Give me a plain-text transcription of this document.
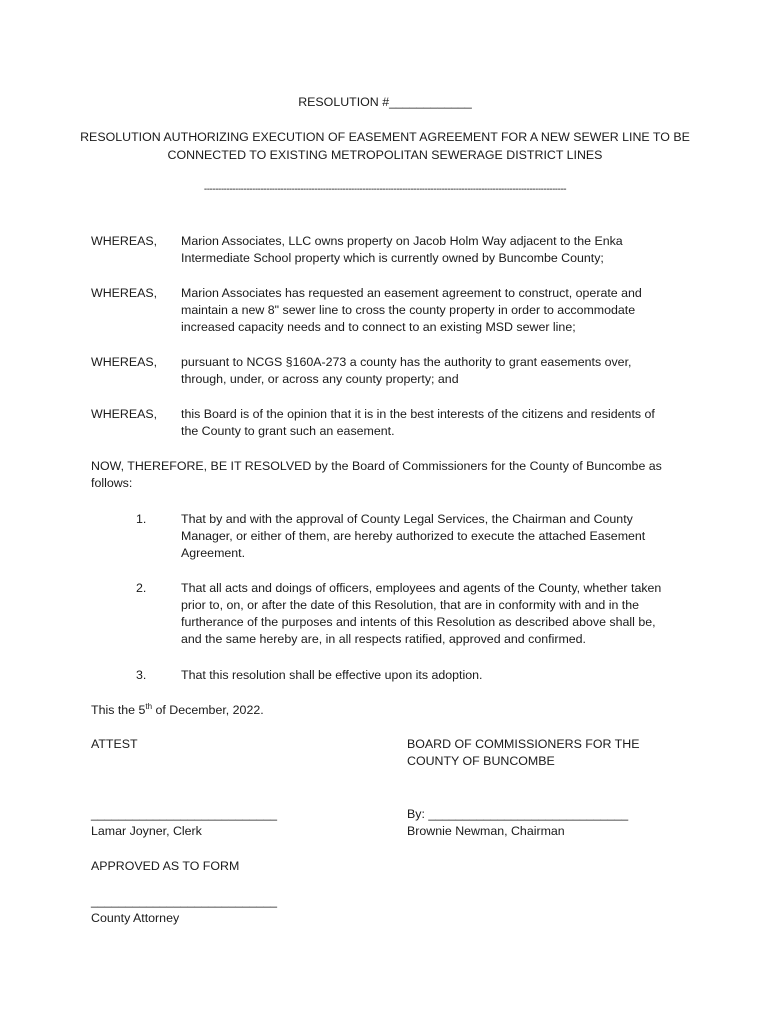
RESOLUTION #____________
RESOLUTION AUTHORIZING EXECUTION OF EASEMENT AGREEMENT FOR A NEW SEWER LINE TO BE
CONNECTED TO EXISTING METROPOLITAN SEWERAGE DISTRICT LINES
--------------------------------------------------------------------------------------------------------------------------------
WHEREAS, Marion Associates, LLC owns property on Jacob Holm Way adjacent to the Enka
Intermediate School property which is currently owned by Buncombe County;
WHEREAS, Marion Associates has requested an easement agreement to construct, operate and
maintain a new 8" sewer line to cross the county property in order to accommodate
increased capacity needs and to connect to an existing MSD sewer line;
WHEREAS, pursuant to NCGS §160A-273 a county has the authority to grant easements over,
through, under, or across any county property; and
WHEREAS, this Board is of the opinion that it is in the best interests of the citizens and residents of
the County to grant such an easement.
NOW, THEREFORE, BE IT RESOLVED by the Board of Commissioners for the County of Buncombe as
follows:
1.	That by and with the approval of County Legal Services, the Chairman and County
Manager, or either of them, are hereby authorized to execute the attached Easement
Agreement.
2.	That all acts and doings of officers, employees and agents of the County, whether taken
prior to, on, or after the date of this Resolution, that are in conformity with and in the
furtherance of the purposes and intents of this Resolution as described above shall be,
and the same hereby are, in all respects ratified, approved and confirmed.
3.	That this resolution shall be effective upon its adoption.
This the 5th of December, 2022.
ATTEST	BOARD OF COMMISSIONERS FOR THE
COUNTY OF BUNCOMBE
___________________________	By: _____________________________
Lamar Joyner, Clerk	Brownie Newman, Chairman
APPROVED AS TO FORM
___________________________
County Attorney
